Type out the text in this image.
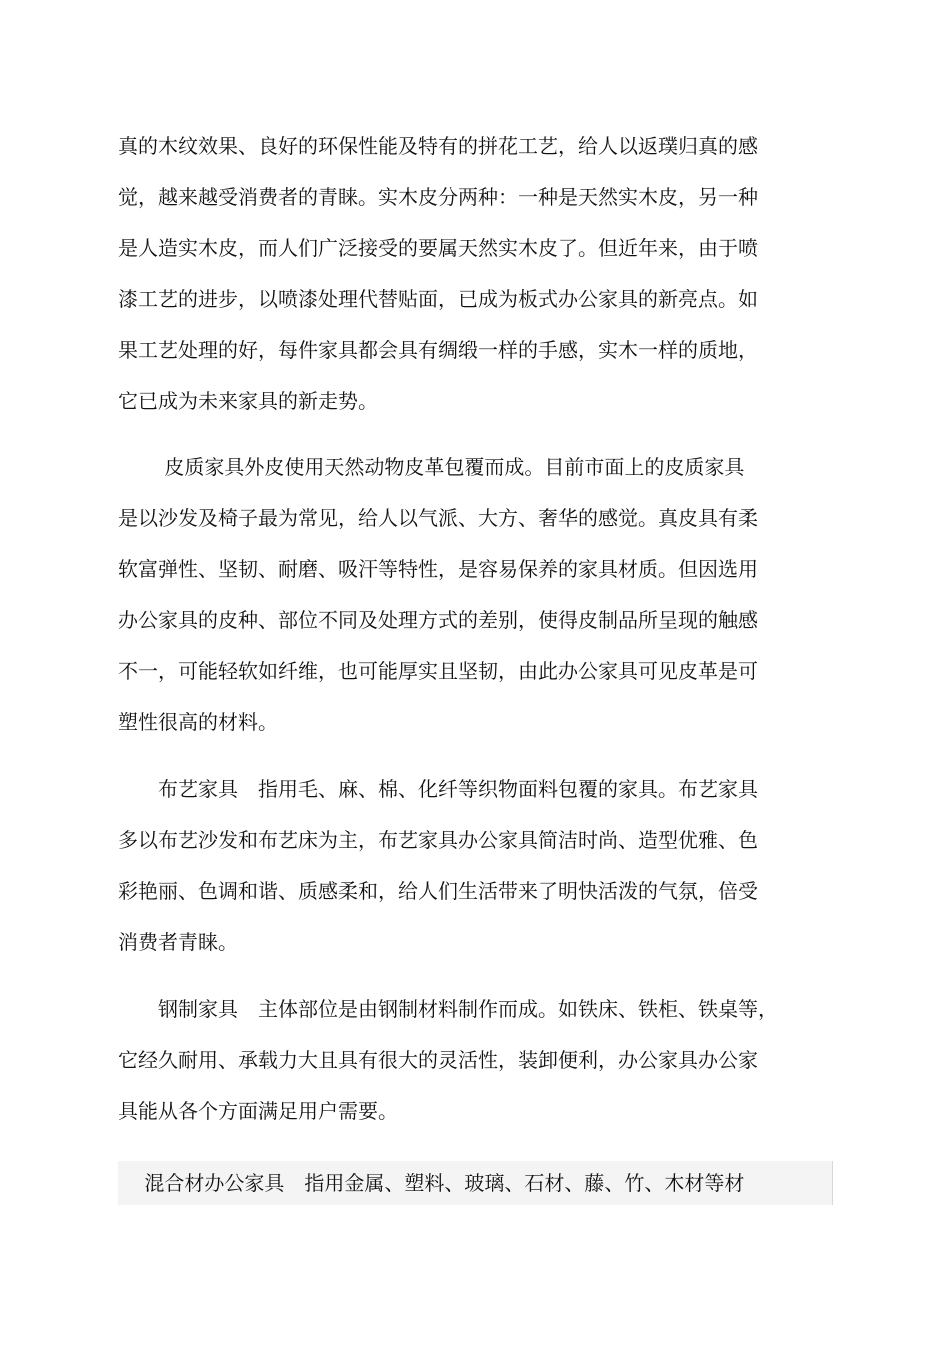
真的木纹效果、良好的环保性能及特有的拼花工艺，给人以返璞归真的感
觉，越来越受消费者的青睐。实木皮分两种：一种是天然实木皮，另一种
是人造实木皮，而人们广泛接受的要属天然实木皮了。但近年来，由于喷
漆工艺的进步，以喷漆处理代替贴面，已成为板式办公家具的新亮点。如
果工艺处理的好，每件家具都会具有绸缎一样的手感，实木一样的质地，
它已成为未来家具的新走势。

　　 皮质家具外皮使用天然动物皮革包覆而成。目前市面上的皮质家具
是以沙发及椅子最为常见，给人以气派、大方、奢华的感觉。真皮具有柔
软富弹性、坚韧、耐磨、吸汗等特性，是容易保养的家具材质。但因选用
办公家具的皮种、部位不同及处理方式的差别，使得皮制品所呈现的触感
不一，可能轻软如纤维，也可能厚实且坚韧，由此办公家具可见皮革是可
塑性很高的材料。

　　布艺家具　指用毛、麻、棉、化纤等织物面料包覆的家具。布艺家具
多以布艺沙发和布艺床为主，布艺家具办公家具简洁时尚、造型优雅、色
彩艳丽、色调和谐、质感柔和，给人们生活带来了明快活泼的气氛，倍受
消费者青睐。

　　钢制家具　主体部位是由钢制材料制作而成。如铁床、铁柜、铁桌等，
它经久耐用、承载力大且具有很大的灵活性，装卸便利，办公家具办公家
具能从各个方面满足用户需要。

　 混合材办公家具　指用金属、塑料、玻璃、石材、藤、竹、木材等材
